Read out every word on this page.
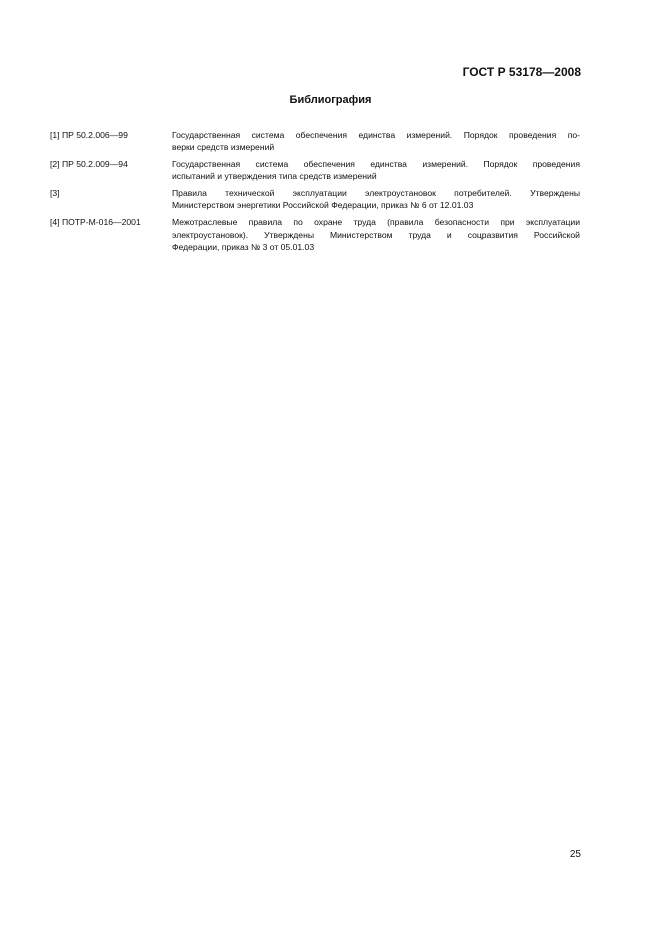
ГОСТ Р 53178—2008
Библиография
[1] ПР 50.2.006—99	Государственная система обеспечения единства измерений. Порядок проведения по-
верки средств измерений
[2] ПР 50.2.009—94	Государственная система обеспечения единства измерений. Порядок проведения
испытаний и утверждения типа средств измерений
[3]	Правила технической эксплуатации электроустановок потребителей. Утверждены
Министерством энергетики Российской Федерации, приказ № 6 от 12.01.03
[4] ПОТР-М-016—2001	Межотраслевые правила по охране труда (правила безопасности при эксплуатации
электроустановок). Утверждены Министерством труда и соцразвития Российской
Федерации, приказ № 3 от 05.01.03
25
